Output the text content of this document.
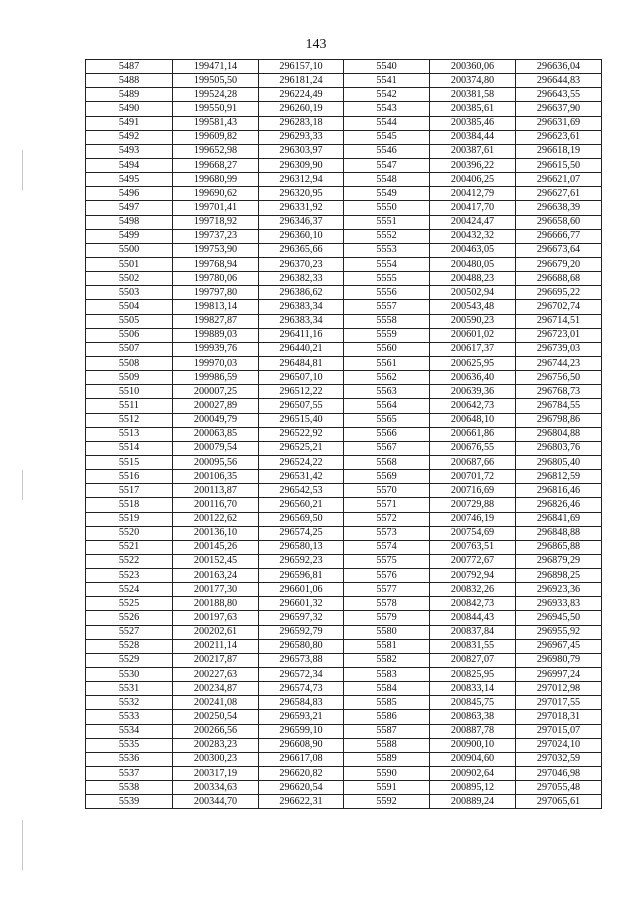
143
5487	199471,14	296157,10	5540	200360,06	296636,04
5488	199505,50	296181,24	5541	200374,80	296644,83
5489	199524,28	296224,49	5542	200381,58	296643,55
5490	199550,91	296260,19	5543	200385,61	296637,90
5491	199581,43	296283,18	5544	200385,46	296631,69
5492	199609,82	296293,33	5545	200384,44	296623,61
5493	199652,98	296303,97	5546	200387,61	296618,19
5494	199668,27	296309,90	5547	200396,22	296615,50
5495	199680,99	296312,94	5548	200406,25	296621,07
5496	199690,62	296320,95	5549	200412,79	296627,61
5497	199701,41	296331,92	5550	200417,70	296638,39
5498	199718,92	296346,37	5551	200424,47	296658,60
5499	199737,23	296360,10	5552	200432,32	296666,77
5500	199753,90	296365,66	5553	200463,05	296673,64
5501	199768,94	296370,23	5554	200480,05	296679,20
5502	199780,06	296382,33	5555	200488,23	296688,68
5503	199797,80	296386,62	5556	200502,94	296695,22
5504	199813,14	296383,34	5557	200543,48	296702,74
5505	199827,87	296383,34	5558	200590,23	296714,51
5506	199889,03	296411,16	5559	200601,02	296723,01
5507	199939,76	296440,21	5560	200617,37	296739,03
5508	199970,03	296484,81	5561	200625,95	296744,23
5509	199986,59	296507,10	5562	200636,40	296756,50
5510	200007,25	296512,22	5563	200639,36	296768,73
5511	200027,89	296507,55	5564	200642,73	296784,55
5512	200049,79	296515,40	5565	200648,10	296798,86
5513	200063,85	296522,92	5566	200661,86	296804,88
5514	200079,54	296525,21	5567	200676,55	296803,76
5515	200095,56	296524,22	5568	200687,66	296805,40
5516	200106,35	296531,42	5569	200701,72	296812,59
5517	200113,87	296542,53	5570	200716,69	296816,46
5518	200116,70	296560,21	5571	200729,88	296826,46
5519	200122,62	296569,50	5572	200746,19	296841,69
5520	200136,10	296574,25	5573	200754,69	296848,88
5521	200145,26	296580,13	5574	200763,51	296865,88
5522	200152,45	296592,23	5575	200772,67	296879,29
5523	200163,24	296596,81	5576	200792,94	296898,25
5524	200177,30	296601,06	5577	200832,26	296923,36
5525	200188,80	296601,32	5578	200842,73	296933,83
5526	200197,63	296597,32	5579	200844,43	296945,50
5527	200202,61	296592,79	5580	200837,84	296955,92
5528	200211,14	296580,80	5581	200831,55	296967,45
5529	200217,87	296573,88	5582	200827,07	296980,79
5530	200227,63	296572,34	5583	200825,95	296997,24
5531	200234,87	296574,73	5584	200833,14	297012,98
5532	200241,08	296584,83	5585	200845,75	297017,55
5533	200250,54	296593,21	5586	200863,38	297018,31
5534	200266,56	296599,10	5587	200887,78	297015,07
5535	200283,23	296608,90	5588	200900,10	297024,10
5536	200300,23	296617,08	5589	200904,60	297032,59
5537	200317,19	296620,82	5590	200902,64	297046,98
5538	200334,63	296620,54	5591	200895,12	297055,48
5539	200344,70	296622,31	5592	200889,24	297065,61
